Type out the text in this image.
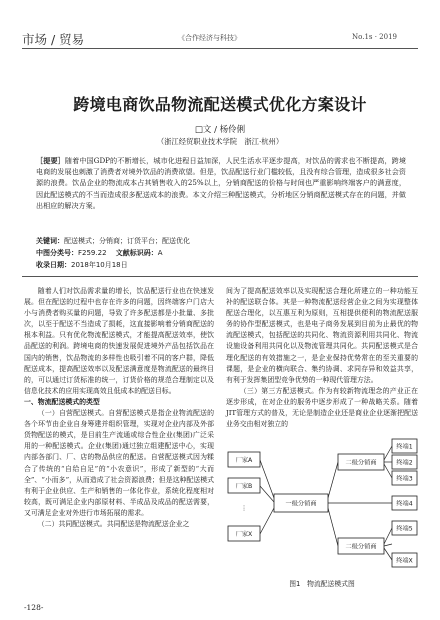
市场 / 贸易	《合作经济与科技》	No.1s · 2019
跨境电商饮品物流配送模式优化方案设计
□文 / 杨伶俐
（浙江经贸职业技术学院　浙江·杭州）
［提要］随着中国GDP的不断增长，城市化进程日益加深，人民生活水平逐步提高，对饮品的需求也不断提高，跨境电商的发展也刺激了消费者对境外饮品的消费欲望。但是，饮品配送行业门槛较低，且没有综合管理，造成很多社会资源的浪费。饮品企业的物流成本占其销售收入的25%以上，分销商配送的价格与时间也严重影响终端客户的满意度，因此配送模式的不当而造成很多配送成本的浪费。本文介绍三种配送模式，分析地区分销商配送模式存在的问题，并做出相应的解决方案。
关键词：配送模式；分销商；订货平台；配送优化
中图分类号：F259.22   文献标识码：A
收录日期：2018年10月18日

随着人们对饮品需求量的增长，饮品配送行业也在快速发展。但在配送的过程中也存在许多的问题，因终端客户门店大小与消费者购买量的问题，导致了许多配送都是小批量、多批次，以至于配送不当造成了损耗，这直接影响着分销商配送的根本利益。只有优化物流配送模式，才能提高配送效率，使饮品配送的利润。跨境电商的快速发展促进境外产品包括饮品在国内的销售，饮品物流的多样性也吸引着不同的客户群，降低配送成本，提高配送效率以及配送满意度是物流配送的最终目的，可以通过订货标准的统一，订货价格的规范合理制定以及信息化技术的应用实现高效且低成本的配送目标。

一、物流配送模式的类型

（一）自营配送模式。自营配送模式是指企业物流配送的各个环节由企业自身筹建并组织管理，实现对企业内部及外部货物配送的模式，是目前生产流通或综合性企业(集团)广泛采用的一种配送模式。企业(集团)通过独立组建配送中心，实现内部各部门、厂、店的物品供应的配送。自营配送模式因为糅合了传统的“自给自足”的“小农意识”，形成了新型的“大而全”、“小而多”，从而造成了社会资源浪费；但是这种配送模式有利于企业供应、生产和销售的一体化作业，系统化程度相对较高，既可满足企业内部原材料、半成品及成品的配送需要，又可满足企业对外进行市场拓展的需求。

（二）共同配送模式。共同配送是物流配送企业之

间为了提高配送效率以及实现配送合理化所建立的一种功能互补的配送联合体。其是一种物流配送经营企业之间为实现整体配送合理化，以互惠互利为原则，互相提供便利的物流配送服务的协作型配送模式，也是电子商务发展到目前为止最优的物流配送模式，包括配送的共同化、物流资源利用共同化、物流设施设备利用共同化以及物流管理共同化。共同配送模式是合理化配送的有效措施之一，是企业保持优势常在的至关重要的课题，是企业的横向联合、集约协调、求同存异和效益共享，有利于发挥集团型竞争优势的一种现代管理方法。

（三）第三方配送模式。作为有较新物流理念的产业正在逐步形成，在对企业的服务中逐步形成了一种战略关系。随着JIT管理方式的普及，无论是制造企业还是商业企业逐渐把配送业务交由相对独立的

厂家A
厂家B
厂家X
⋮
一级分销商
二级分销商
二级分销商
终端1
终端2
终端3
终端4
终端5
终端X
图1　物流配送模式图
-128-
